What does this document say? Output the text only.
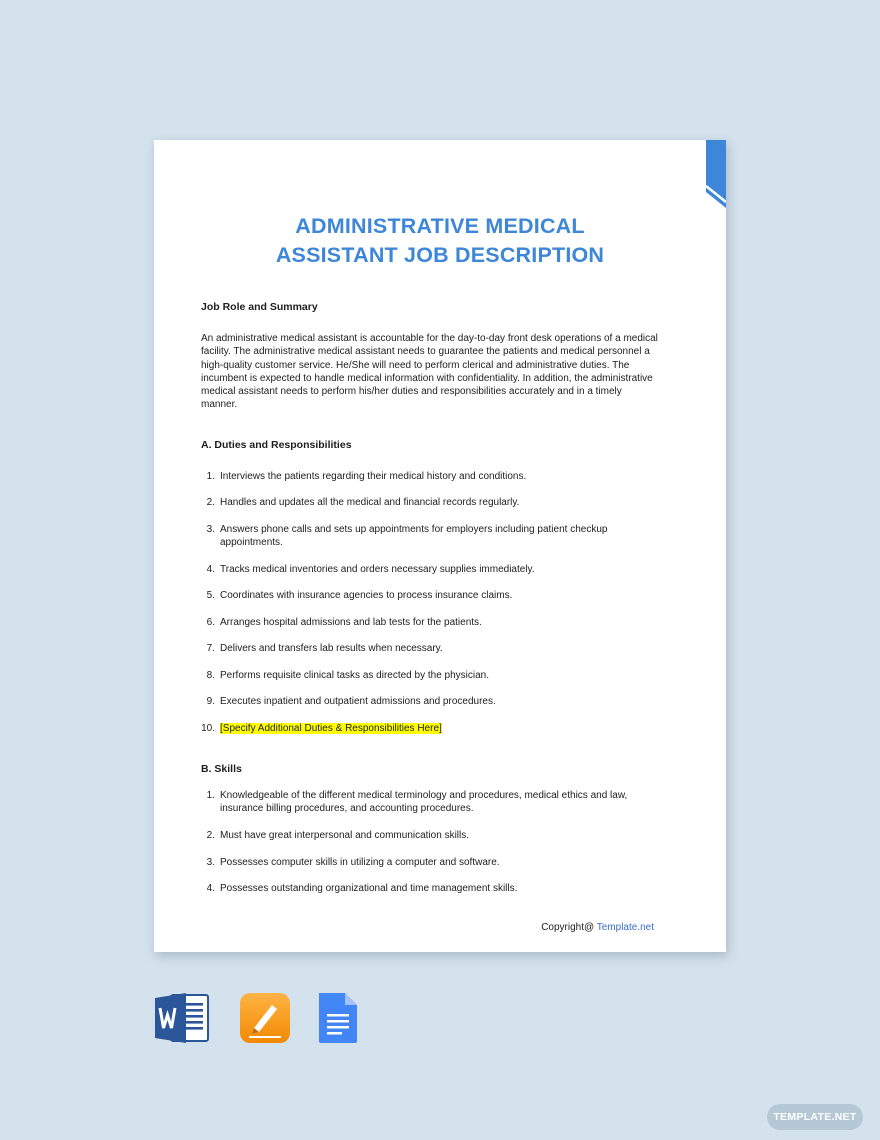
ADMINISTRATIVE MEDICAL
ASSISTANT JOB DESCRIPTION
Job Role and Summary
An administrative medical assistant is accountable for the day-to-day front desk operations of a medical facility. The administrative medical assistant needs to guarantee the patients and medical personnel a high-quality customer service. He/She will need to perform clerical and administrative duties. The incumbent is expected to handle medical information with confidentiality. In addition, the administrative medical assistant needs to perform his/her duties and responsibilities accurately and in a timely manner.
A. Duties and Responsibilities
1. Interviews the patients regarding their medical history and conditions.
2. Handles and updates all the medical and financial records regularly.
3. Answers phone calls and sets up appointments for employers including patient checkup appointments.
4. Tracks medical inventories and orders necessary supplies immediately.
5. Coordinates with insurance agencies to process insurance claims.
6. Arranges hospital admissions and lab tests for the patients.
7. Delivers and transfers lab results when necessary.
8. Performs requisite clinical tasks as directed by the physician.
9. Executes inpatient and outpatient admissions and procedures.
10. [Specify Additional Duties & Responsibilities Here]
B. Skills
1. Knowledgeable of the different medical terminology and procedures, medical ethics and law, insurance billing procedures, and accounting procedures.
2. Must have great interpersonal and communication skills.
3. Possesses computer skills in utilizing a computer and software.
4. Possesses outstanding organizational and time management skills.
Copyright@ Template.net
TEMPLATE.NET
